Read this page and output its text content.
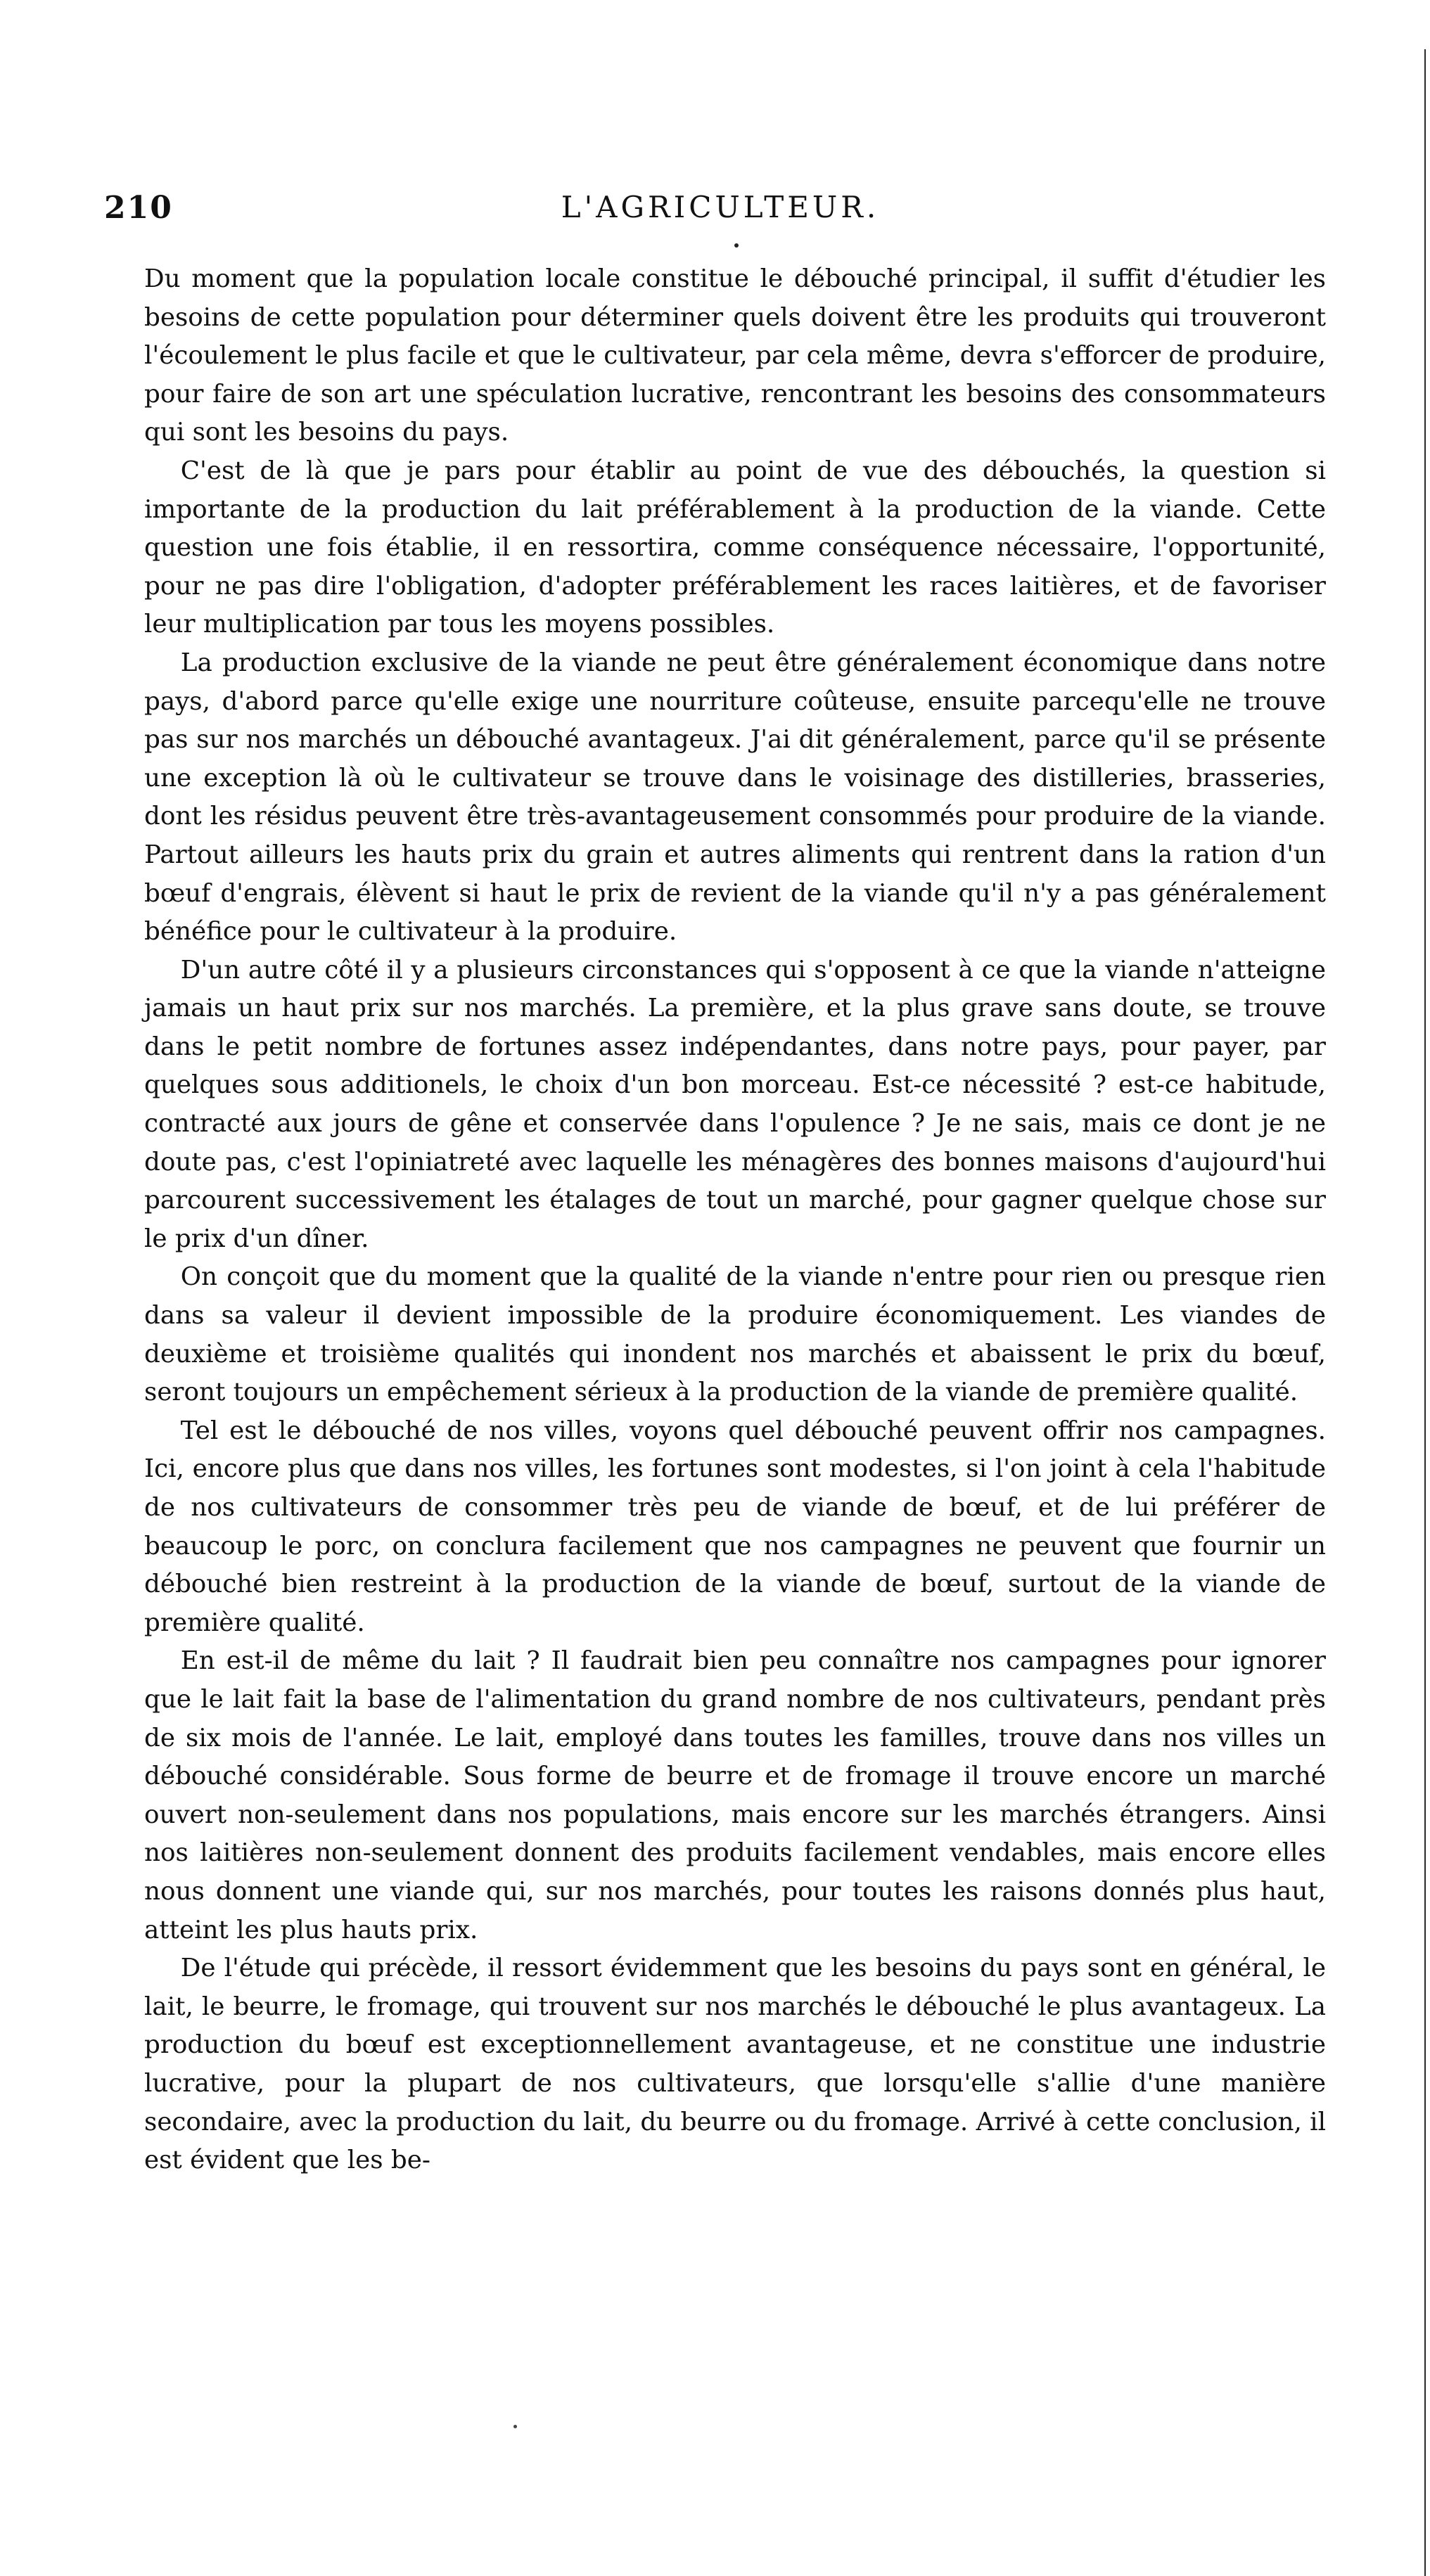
210	L'AGRICULTEUR.

Du moment que la population locale constitue le débouché principal, il suffit d'étudier les besoins de cette population pour déterminer quels doivent être les produits qui trouveront l'écoulement le plus facile et que le cultivateur, par cela même, devra s'efforcer de produire, pour faire de son art une spéculation lucrative, rencontrant les besoins des consommateurs qui sont les besoins du pays.

C'est de là que je pars pour établir au point de vue des débouchés, la question si importante de la production du lait préférablement à la production de la viande. Cette question une fois établie, il en ressortira, comme conséquence nécessaire, l'opportunité, pour ne pas dire l'obligation, d'adopter préférablement les races laitières, et de favoriser leur multiplication par tous les moyens possibles.

La production exclusive de la viande ne peut être généralement économique dans notre pays, d'abord parce qu'elle exige une nourriture coûteuse, ensuite parcequ'elle ne trouve pas sur nos marchés un débouché avantageux. J'ai dit généralement, parce qu'il se présente une exception là où le cultivateur se trouve dans le voisinage des distilleries, brasseries, dont les résidus peuvent être très-avantageusement consommés pour produire de la viande. Partout ailleurs les hauts prix du grain et autres aliments qui rentrent dans la ration d'un bœuf d'engrais, élèvent si haut le prix de revient de la viande qu'il n'y a pas généralement bénéfice pour le cultivateur à la produire.

D'un autre côté il y a plusieurs circonstances qui s'opposent à ce que la viande n'atteigne jamais un haut prix sur nos marchés. La première, et la plus grave sans doute, se trouve dans le petit nombre de fortunes assez indépendantes, dans notre pays, pour payer, par quelques sous additionels, le choix d'un bon morceau. Est-ce nécessité ? est-ce habitude, contracté aux jours de gêne et conservée dans l'opulence ? Je ne sais, mais ce dont je ne doute pas, c'est l'opiniatreté avec laquelle les ménagères des bonnes maisons d'aujourd'hui parcourent successivement les étalages de tout un marché, pour gagner quelque chose sur le prix d'un dîner.

On conçoit que du moment que la qualité de la viande n'entre pour rien ou presque rien dans sa valeur il devient impossible de la produire économiquement. Les viandes de deuxième et troisième qualités qui inondent nos marchés et abaissent le prix du bœuf, seront toujours un empêchement sérieux à la production de la viande de première qualité.

Tel est le débouché de nos villes, voyons quel débouché peuvent offrir nos campagnes. Ici, encore plus que dans nos villes, les fortunes sont modestes, si l'on joint à cela l'habitude de nos cultivateurs de consommer très peu de viande de bœuf, et de lui préférer de beaucoup le porc, on conclura facilement que nos campagnes ne peuvent que fournir un débouché bien restreint à la production de la viande de bœuf, surtout de la viande de première qualité.

En est-il de même du lait ? Il faudrait bien peu connaître nos campagnes pour ignorer que le lait fait la base de l'alimentation du grand nombre de nos cultivateurs, pendant près de six mois de l'année. Le lait, employé dans toutes les familles, trouve dans nos villes un débouché considérable. Sous forme de beurre et de fromage il trouve encore un marché ouvert non-seulement dans nos populations, mais encore sur les marchés étrangers. Ainsi nos laitières non-seulement donnent des produits facilement vendables, mais encore elles nous donnent une viande qui, sur nos marchés, pour toutes les raisons donnés plus haut, atteint les plus hauts prix.

De l'étude qui précède, il ressort évidemment que les besoins du pays sont en général, le lait, le beurre, le fromage, qui trouvent sur nos marchés le débouché le plus avantageux. La production du bœuf est exceptionnellement avantageuse, et ne constitue une industrie lucrative, pour la plupart de nos cultivateurs, que lorsqu'elle s'allie d'une manière secondaire, avec la production du lait, du beurre ou du fromage. Arrivé à cette conclusion, il est évident que les be-
